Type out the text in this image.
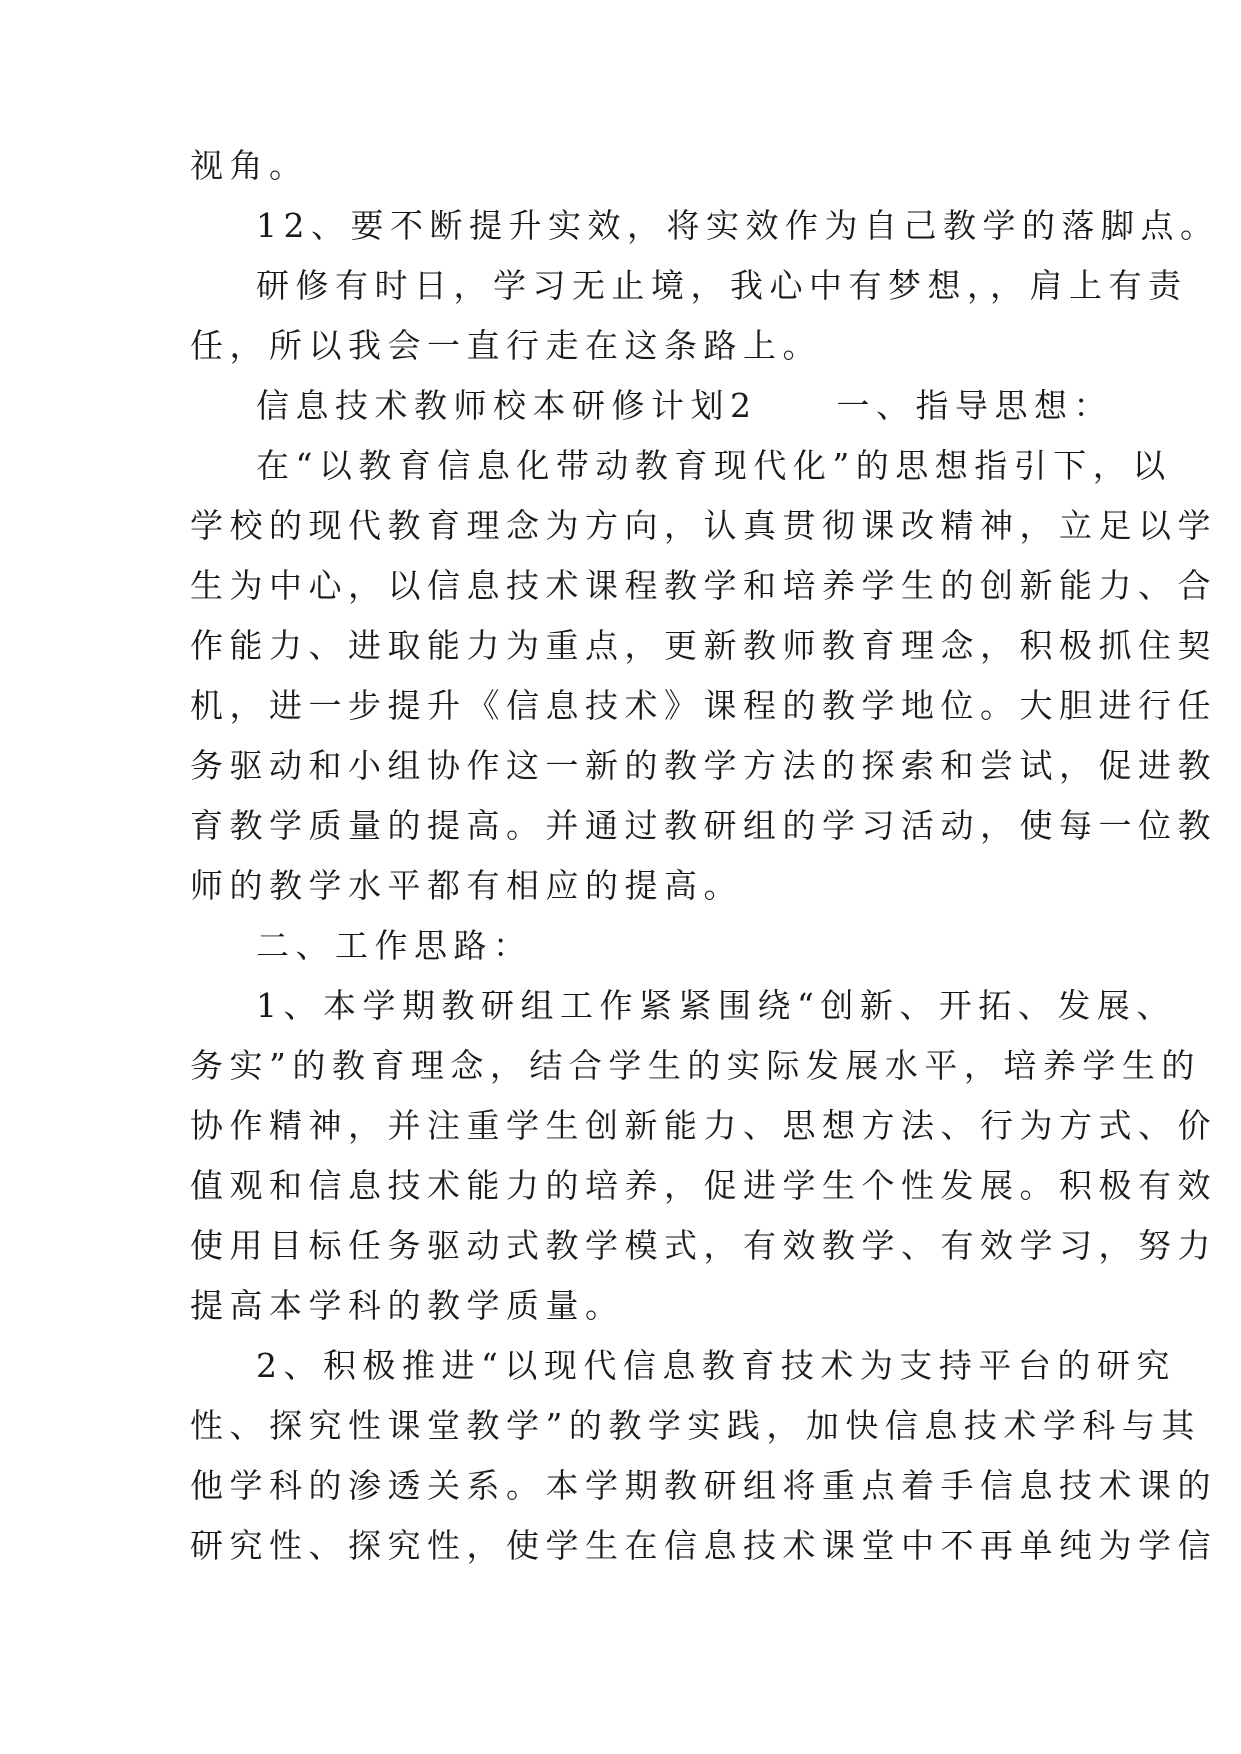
视角。
12、要不断提升实效，将实效作为自己教学的落脚点。
研修有时日，学习无止境，我心中有梦想，，肩上有责
任，所以我会一直行走在这条路上。
信息技术教师校本研修计划2　　一、指导思想：
在“以教育信息化带动教育现代化”的思想指引下，以
学校的现代教育理念为方向，认真贯彻课改精神，立足以学
生为中心，以信息技术课程教学和培养学生的创新能力、合
作能力、进取能力为重点，更新教师教育理念，积极抓住契
机，进一步提升《信息技术》课程的教学地位。大胆进行任
务驱动和小组协作这一新的教学方法的探索和尝试，促进教
育教学质量的提高。并通过教研组的学习活动，使每一位教
师的教学水平都有相应的提高。
二、工作思路：
1、本学期教研组工作紧紧围绕“创新、开拓、发展、
务实”的教育理念，结合学生的实际发展水平，培养学生的
协作精神，并注重学生创新能力、思想方法、行为方式、价
值观和信息技术能力的培养，促进学生个性发展。积极有效
使用目标任务驱动式教学模式，有效教学、有效学习，努力
提高本学科的教学质量。
2、积极推进“以现代信息教育技术为支持平台的研究
性、探究性课堂教学”的教学实践，加快信息技术学科与其
他学科的渗透关系。本学期教研组将重点着手信息技术课的
研究性、探究性，使学生在信息技术课堂中不再单纯为学信
